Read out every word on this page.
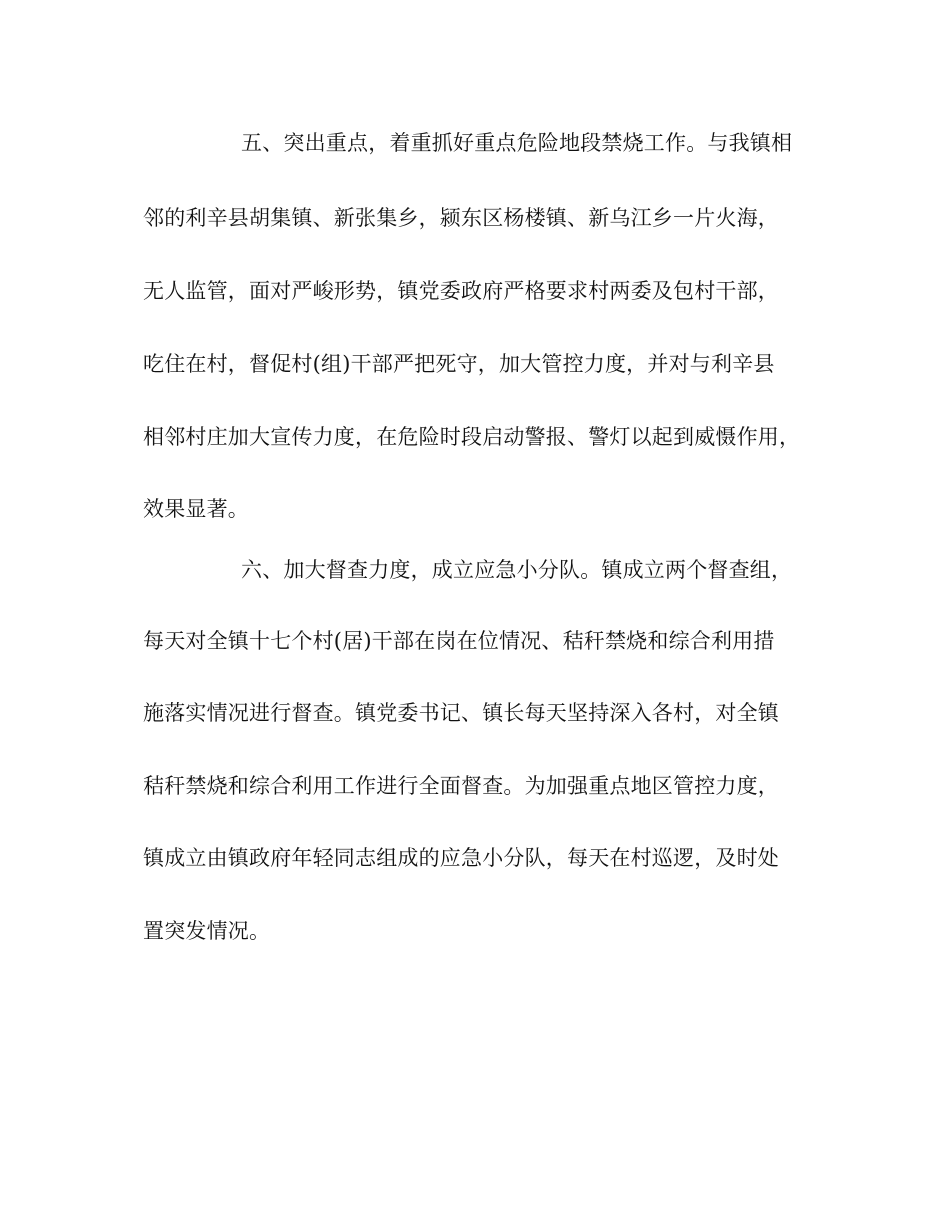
五、突出重点，着重抓好重点危险地段禁烧工作。与我镇相
邻的利辛县胡集镇、新张集乡，颍东区杨楼镇、新乌江乡一片火海，
无人监管，面对严峻形势，镇党委政府严格要求村两委及包村干部，
吃住在村，督促村(组)干部严把死守，加大管控力度，并对与利辛县
相邻村庄加大宣传力度，在危险时段启动警报、警灯以起到威慑作用，
效果显著。
六、加大督查力度，成立应急小分队。镇成立两个督查组，
每天对全镇十七个村(居)干部在岗在位情况、秸秆禁烧和综合利用措
施落实情况进行督查。镇党委书记、镇长每天坚持深入各村，对全镇
秸秆禁烧和综合利用工作进行全面督查。为加强重点地区管控力度，
镇成立由镇政府年轻同志组成的应急小分队，每天在村巡逻，及时处
置突发情况。
